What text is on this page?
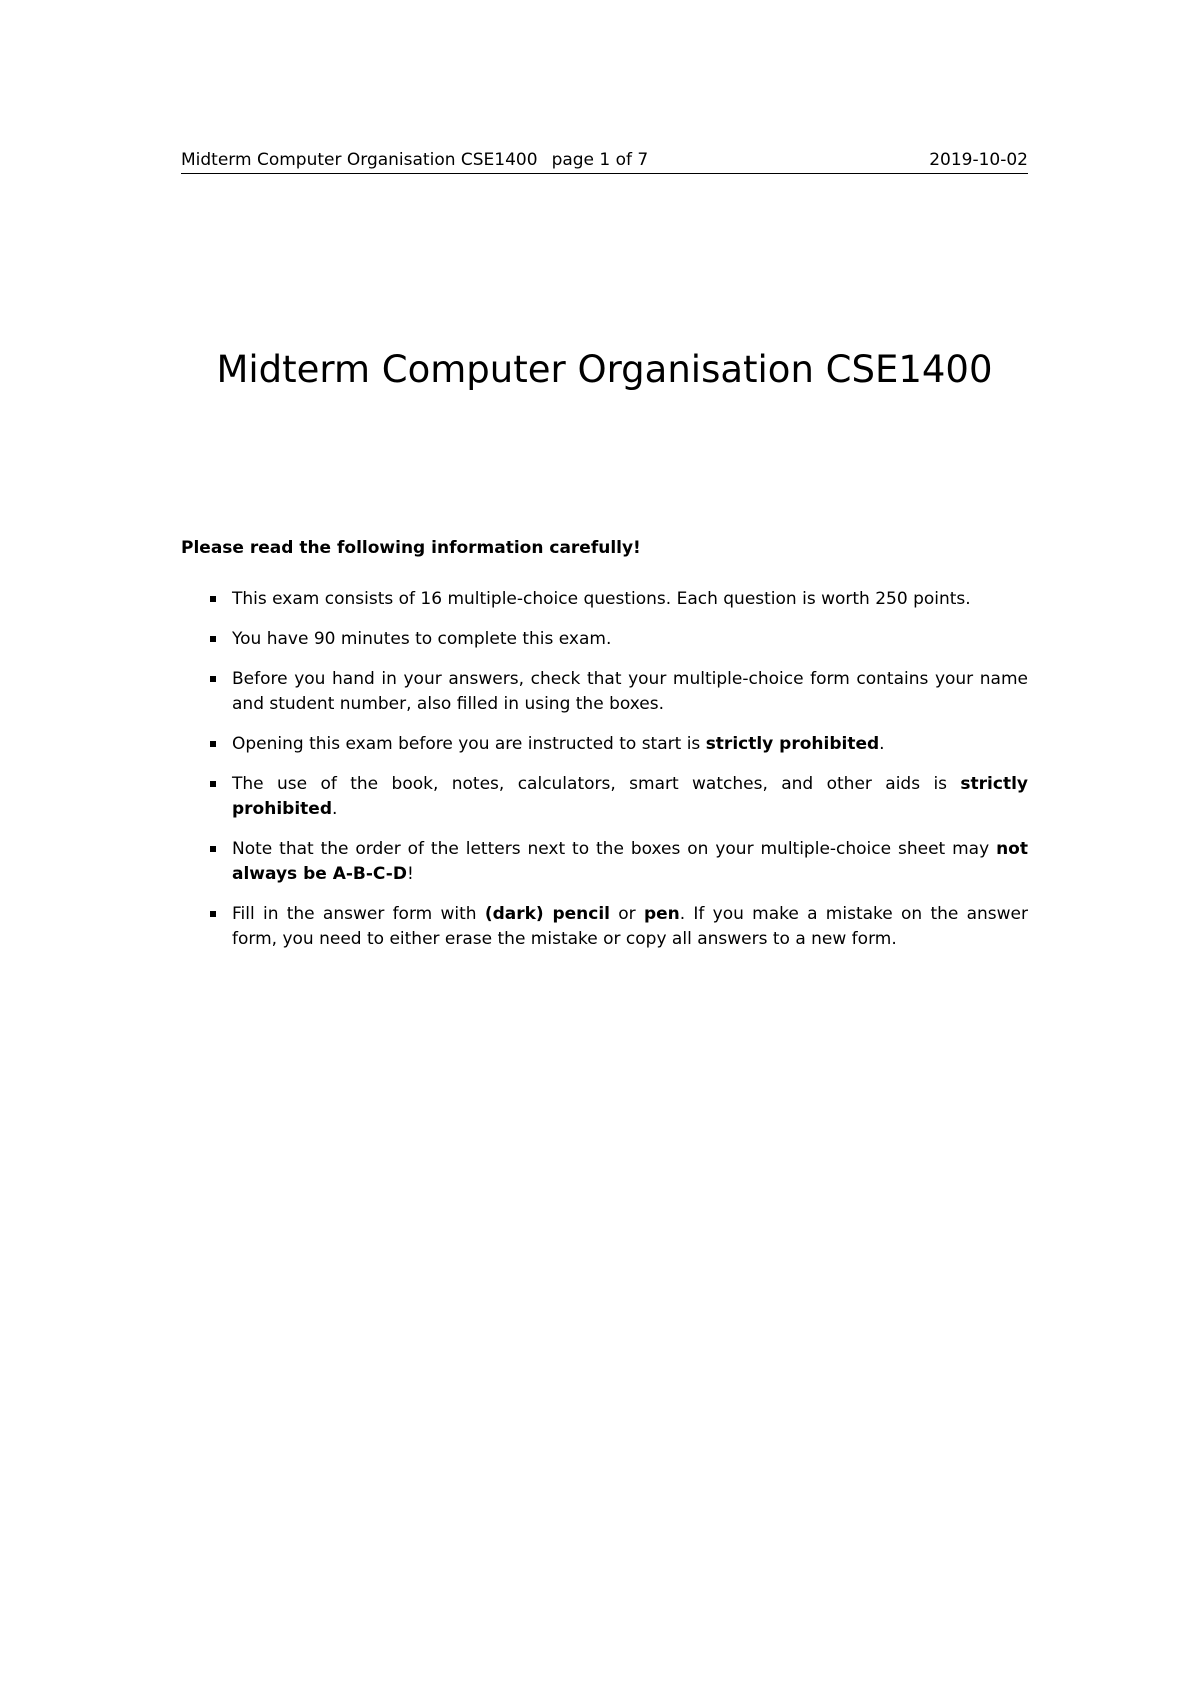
Midterm Computer Organisation CSE1400 page 1 of 7	2019-10-02
Midterm Computer Organisation CSE1400
Please read the following information carefully!
This exam consists of 16 multiple-choice questions. Each question is worth 250 points.
You have 90 minutes to complete this exam.
Before you hand in your answers, check that your multiple-choice form contains your name and student number, also filled in using the boxes.
Opening this exam before you are instructed to start is strictly prohibited.
The use of the book, notes, calculators, smart watches, and other aids is strictly prohibited.
Note that the order of the letters next to the boxes on your multiple-choice sheet may not always be A-B-C-D!
Fill in the answer form with (dark) pencil or pen. If you make a mistake on the answer form, you need to either erase the mistake or copy all answers to a new form.
